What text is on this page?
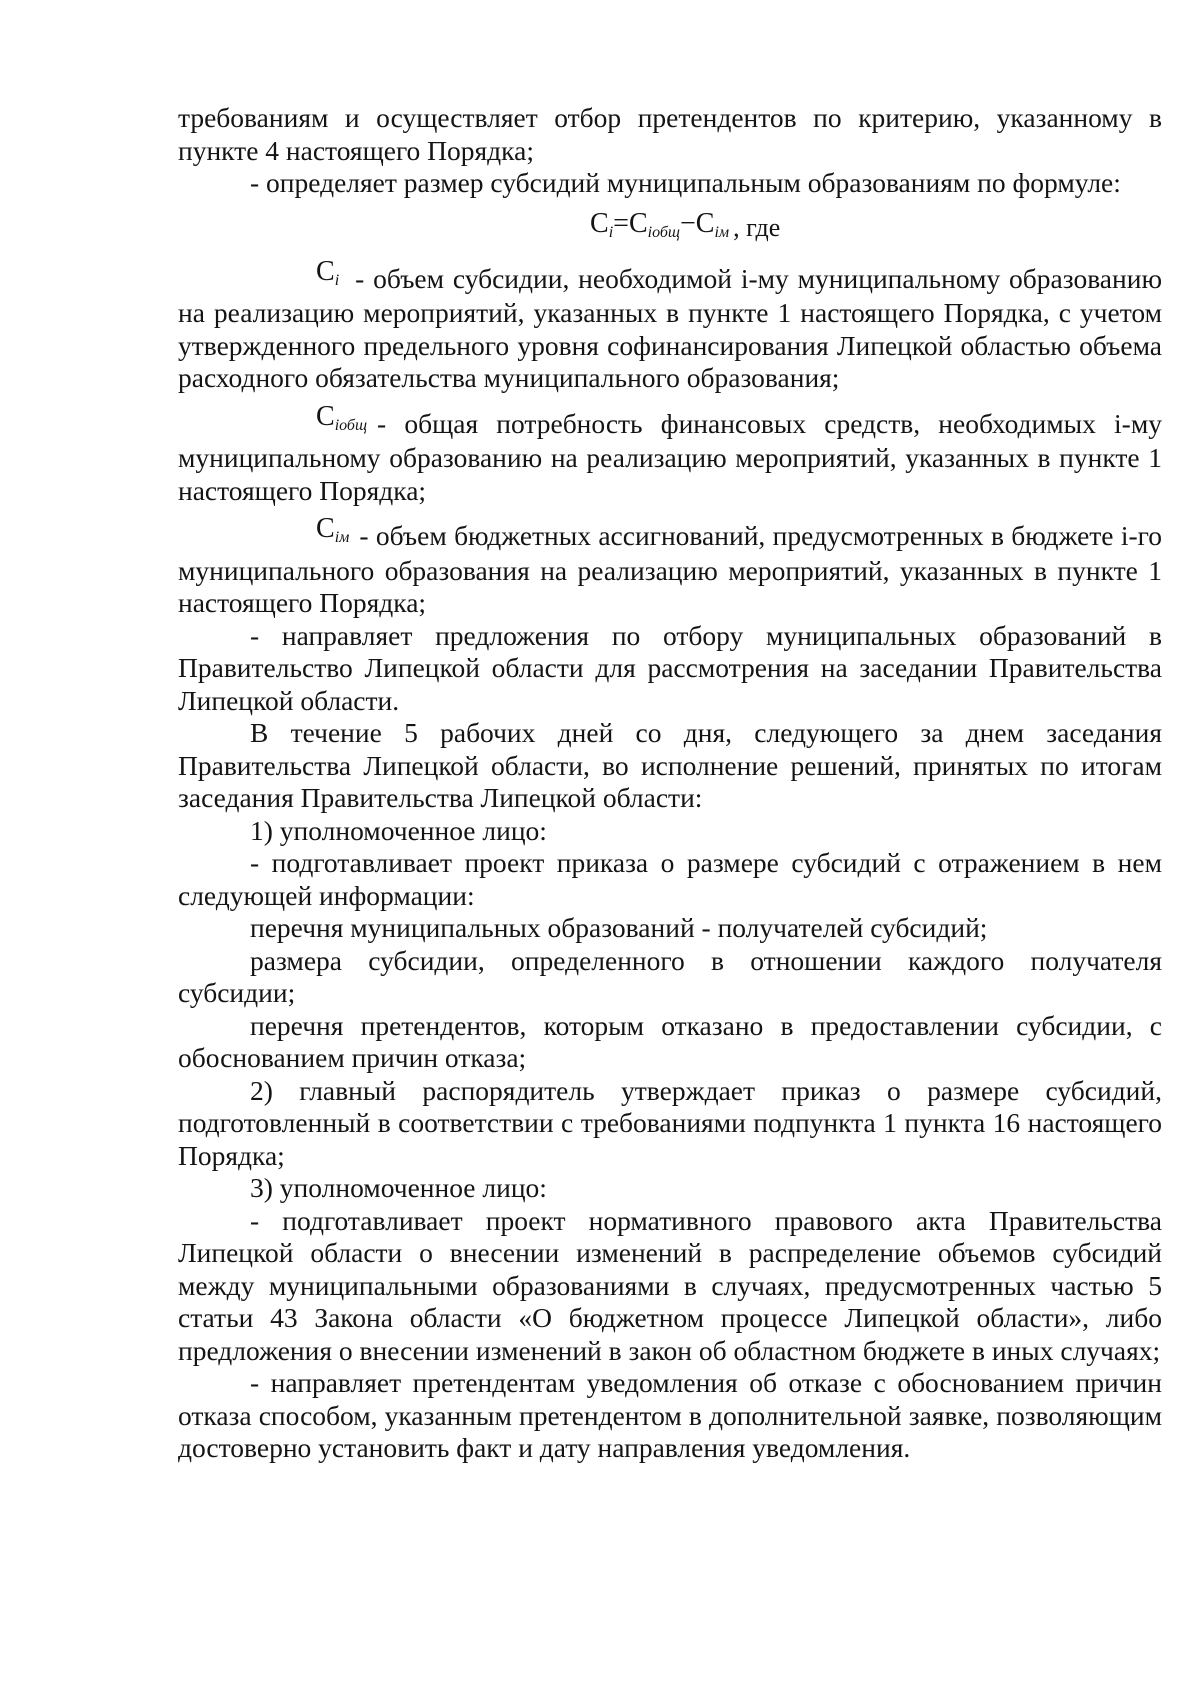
требованиям и осуществляет отбор претендентов по критерию, указанному в пункте 4 настоящего Порядка;

- определяет размер субсидий муниципальным образованиям по формуле:

$С_i=С_{iобщ}-С_{iм}$ , где

$С_i$ - объем субсидии, необходимой i-му муниципальному образованию на реализацию мероприятий, указанных в пункте 1 настоящего Порядка, с учетом утвержденного предельного уровня софинансирования Липецкой областью объема расходного обязательства муниципального образования;

$С_{iобщ}$ - общая потребность финансовых средств, необходимых i-му муниципальному образованию на реализацию мероприятий, указанных в пункте 1 настоящего Порядка;

$С_{iм}$ - объем бюджетных ассигнований, предусмотренных в бюджете i-го муниципального образования на реализацию мероприятий, указанных в пункте 1 настоящего Порядка;

- направляет предложения по отбору муниципальных образований в Правительство Липецкой области для рассмотрения на заседании Правительства Липецкой области.

В течение 5 рабочих дней со дня, следующего за днем заседания Правительства Липецкой области, во исполнение решений, принятых по итогам заседания Правительства Липецкой области:

1) уполномоченное лицо:

- подготавливает проект приказа о размере субсидий с отражением в нем следующей информации:

перечня муниципальных образований - получателей субсидий;

размера субсидии, определенного в отношении каждого получателя субсидии;

перечня претендентов, которым отказано в предоставлении субсидии, с обоснованием причин отказа;

2) главный распорядитель утверждает приказ о размере субсидий, подготовленный в соответствии с требованиями подпункта 1 пункта 16 настоящего Порядка;

3) уполномоченное лицо:

- подготавливает проект нормативного правового акта Правительства Липецкой области о внесении изменений в распределение объемов субсидий между муниципальными образованиями в случаях, предусмотренных частью 5 статьи 43 Закона области «О бюджетном процессе Липецкой области», либо предложения о внесении изменений в закон об областном бюджете в иных случаях;

- направляет претендентам уведомления об отказе с обоснованием причин отказа способом, указанным претендентом в дополнительной заявке, позволяющим достоверно установить факт и дату направления уведомления.
